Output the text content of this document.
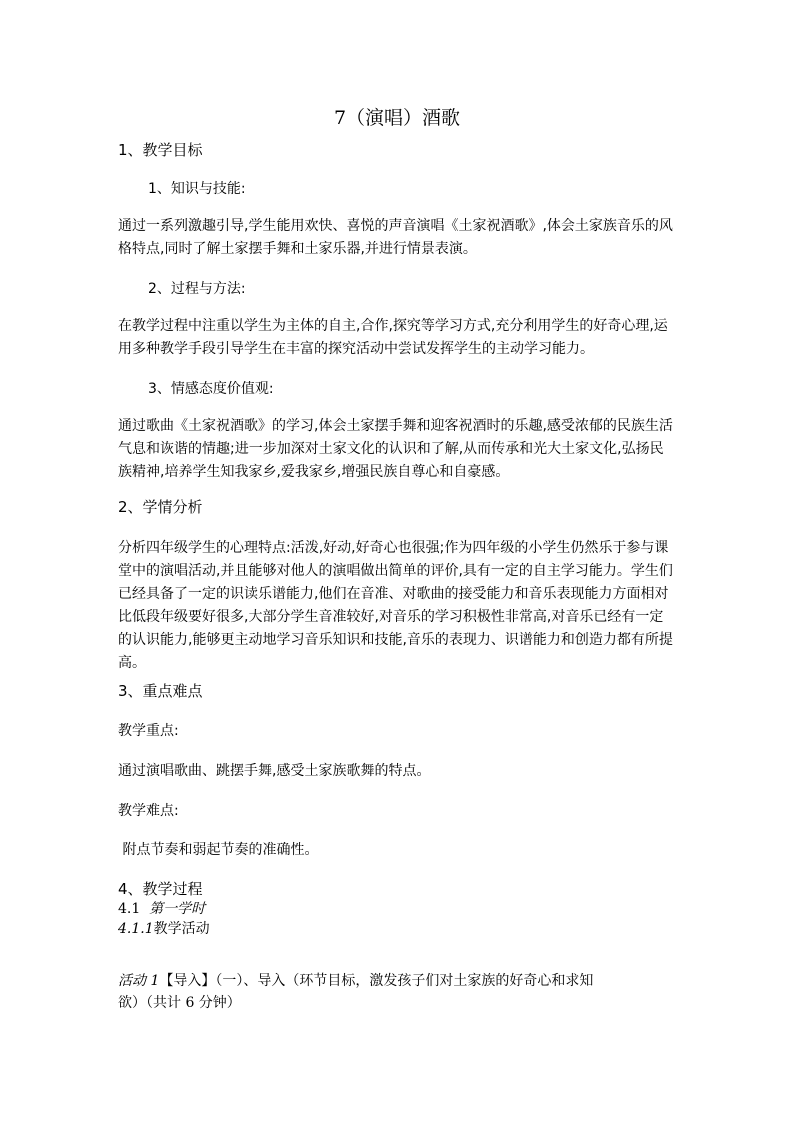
7（演唱）酒歌
1、教学目标
1、知识与技能:
通过一系列激趣引导,学生能用欢快、喜悦的声音演唱《土家祝酒歌》,体会土家族音乐的风
格特点,同时了解土家摆手舞和土家乐器,并进行情景表演。
2、过程与方法:
在教学过程中注重以学生为主体的自主,合作,探究等学习方式,充分利用学生的好奇心理,运
用多种教学手段引导学生在丰富的探究活动中尝试发挥学生的主动学习能力。
3、情感态度价值观:
通过歌曲《土家祝酒歌》的学习,体会土家摆手舞和迎客祝酒时的乐趣,感受浓郁的民族生活
气息和诙谐的情趣;进一步加深对土家文化的认识和了解,从而传承和光大土家文化,弘扬民
族精神,培养学生知我家乡,爱我家乡,增强民族自尊心和自豪感。
2、学情分析
分析四年级学生的心理特点:活泼,好动,好奇心也很强;作为四年级的小学生仍然乐于参与课
堂中的演唱活动,并且能够对他人的演唱做出简单的评价,具有一定的自主学习能力。学生们
已经具备了一定的识读乐谱能力,他们在音准、对歌曲的接受能力和音乐表现能力方面相对
比低段年级要好很多,大部分学生音准较好,对音乐的学习积极性非常高,对音乐已经有一定
的认识能力,能够更主动地学习音乐知识和技能,音乐的表现力、识谱能力和创造力都有所提
高。
3、重点难点
教学重点:
通过演唱歌曲、跳摆手舞,感受土家族歌舞的特点。
教学难点:
附点节奏和弱起节奏的准确性。
4、教学过程
4.1 第一学时
4.1.1教学活动
活动 1【导入】（一）、导入（环节目标，激发孩子们对土家族的好奇心和求知
欲）（共计 6 分钟）
